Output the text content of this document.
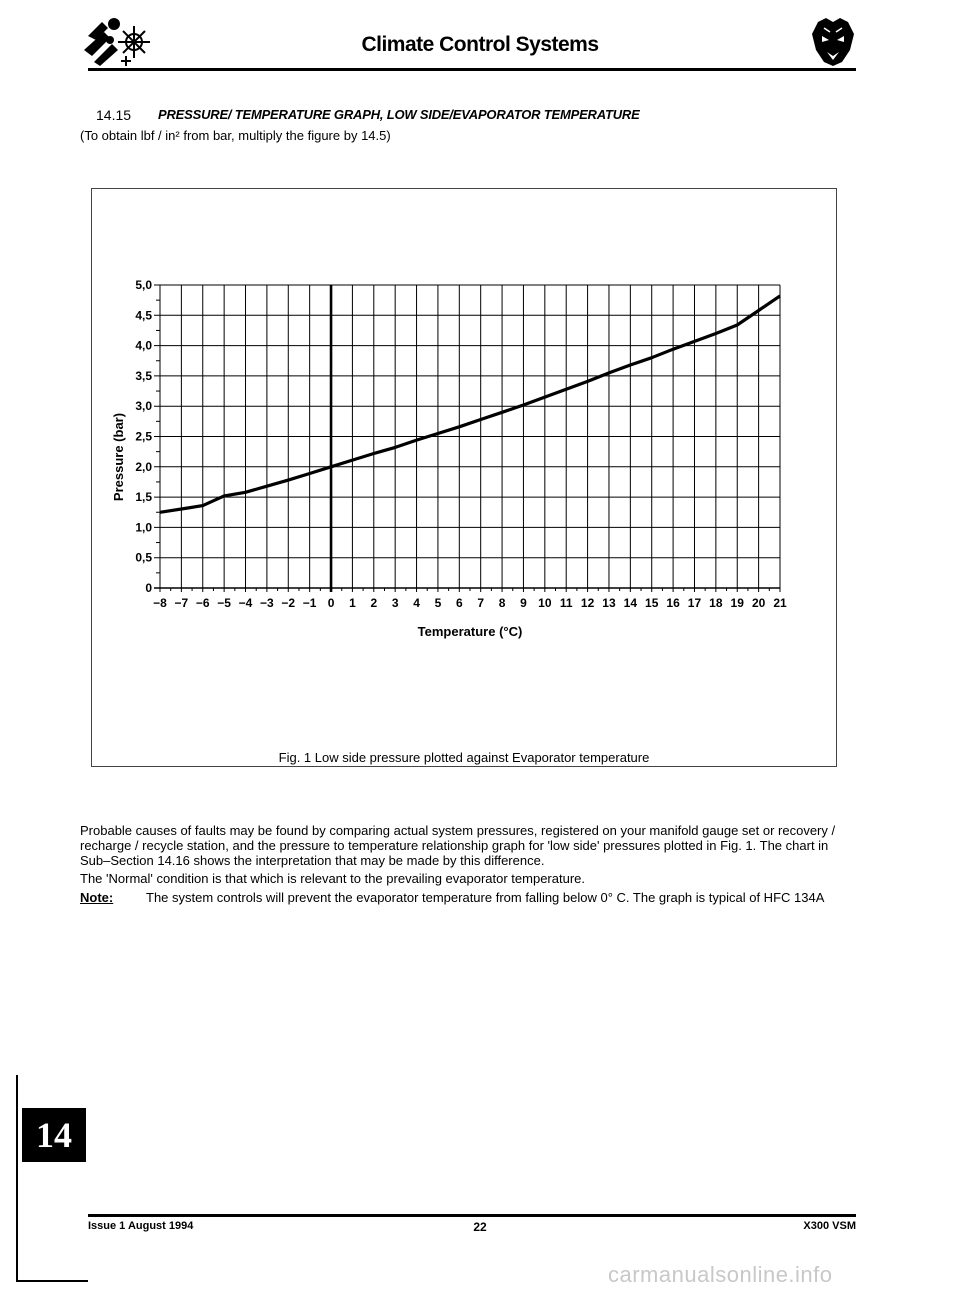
Climate Control Systems
14.15 PRESSURE/ TEMPERATURE GRAPH, LOW SIDE/EVAPORATOR TEMPERATURE
(To obtain lbf / in² from bar, multiply the figure by 14.5)
0
0,5
1,0
1,5
2,0
2,5
3,0
3,5
4,0
4,5
5,0
−8 −7 −6 −5 −4 −3 −2 −1 0 1 2 3 4 5 6 7 8 9 10 11 12 13 14 15 16 17 18 19 20 21
Temperature (°C)
Pressure (bar)
Fig. 1 Low side pressure plotted against Evaporator temperature
Probable causes of faults may be found by comparing actual system pressures, registered on your manifold gauge set or recovery / recharge / recycle station, and the pressure to temperature relationship graph for 'low side' pressures plotted in Fig. 1. The chart in Sub–Section 14.16 shows the interpretation that may be made by this difference.
The 'Normal' condition is that which is relevant to the prevailing evaporator temperature.
Note:	The system controls will prevent the evaporator temperature from falling below 0° C. The graph is typical of HFC 134A
14
Issue 1 August 1994	22	X300 VSM
carmanualsonline.info
